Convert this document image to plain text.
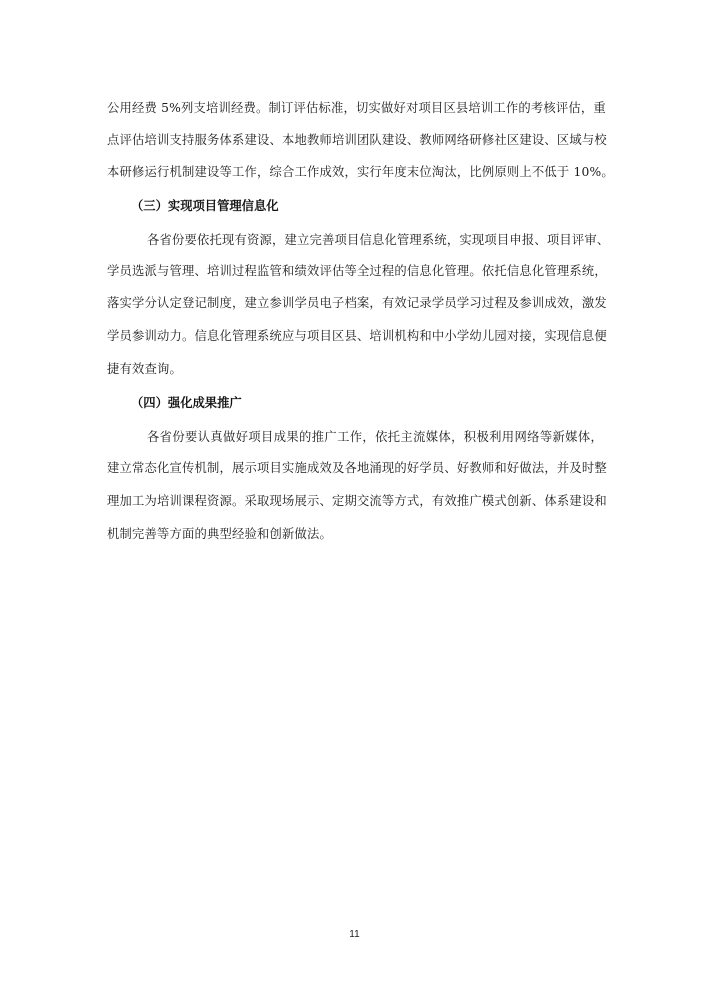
公用经费 5%列支培训经费。制订评估标准，切实做好对项目区县培训工作的考核评估，重
点评估培训支持服务体系建设、本地教师培训团队建设、教师网络研修社区建设、区域与校
本研修运行机制建设等工作，综合工作成效，实行年度末位淘汰，比例原则上不低于 10%。
（三）实现项目管理信息化
各省份要依托现有资源，建立完善项目信息化管理系统，实现项目申报、项目评审、
学员选派与管理、培训过程监管和绩效评估等全过程的信息化管理。依托信息化管理系统，
落实学分认定登记制度，建立参训学员电子档案，有效记录学员学习过程及参训成效，激发
学员参训动力。信息化管理系统应与项目区县、培训机构和中小学幼儿园对接，实现信息便
捷有效查询。
（四）强化成果推广
各省份要认真做好项目成果的推广工作，依托主流媒体，积极利用网络等新媒体，
建立常态化宣传机制，展示项目实施成效及各地涌现的好学员、好教师和好做法，并及时整
理加工为培训课程资源。采取现场展示、定期交流等方式，有效推广模式创新、体系建设和
机制完善等方面的典型经验和创新做法。
11
